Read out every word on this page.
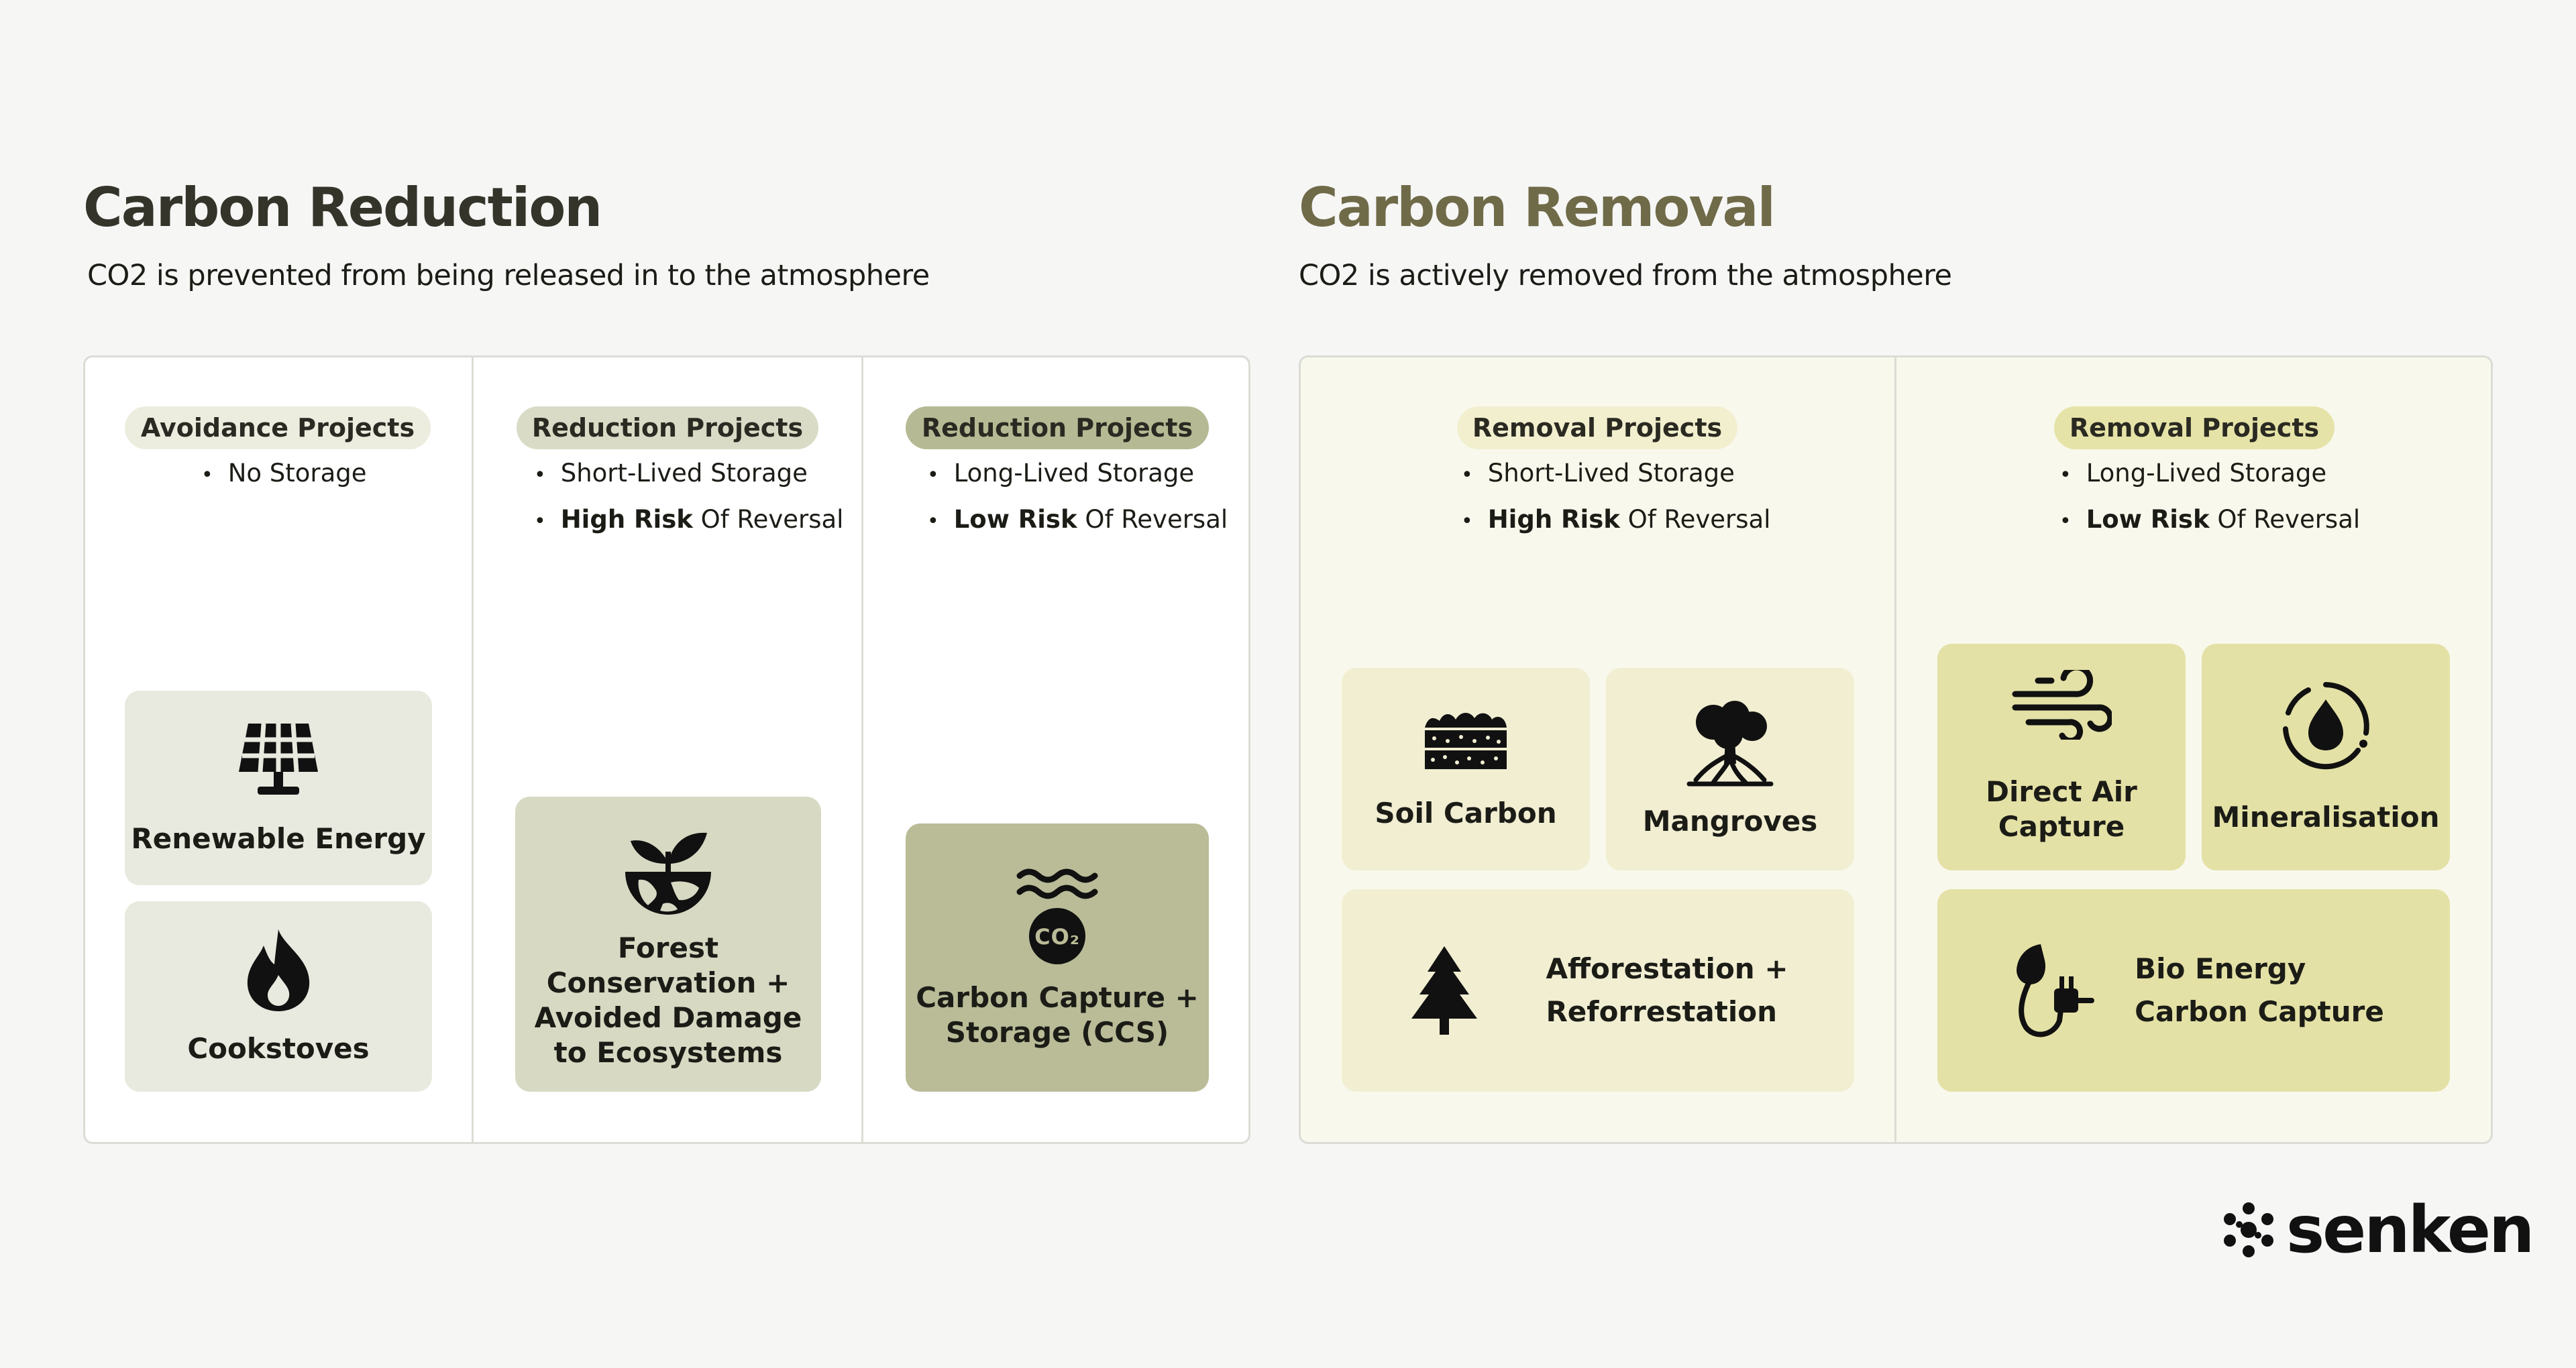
Carbon Reduction
CO2 is prevented from being released in to the atmosphere
Carbon Removal
CO2 is actively removed from the atmosphere
Avoidance Projects
• No Storage
Reduction Projects
• Short-Lived Storage
• High Risk Of Reversal
Reduction Projects
• Long-Lived Storage
• Low Risk Of Reversal
Renewable Energy
Cookstoves
Forest
Conservation +
Avoided Damage
to Ecosystems
CO₂
Carbon Capture +
Storage (CCS)
Removal Projects
• Short-Lived Storage
• High Risk Of Reversal
Removal Projects
• Long-Lived Storage
• Low Risk Of Reversal
Soil Carbon	Mangroves
Afforestation +
Reforrestation
Direct Air
Capture	Mineralisation
Bio Energy
Carbon Capture
senken
